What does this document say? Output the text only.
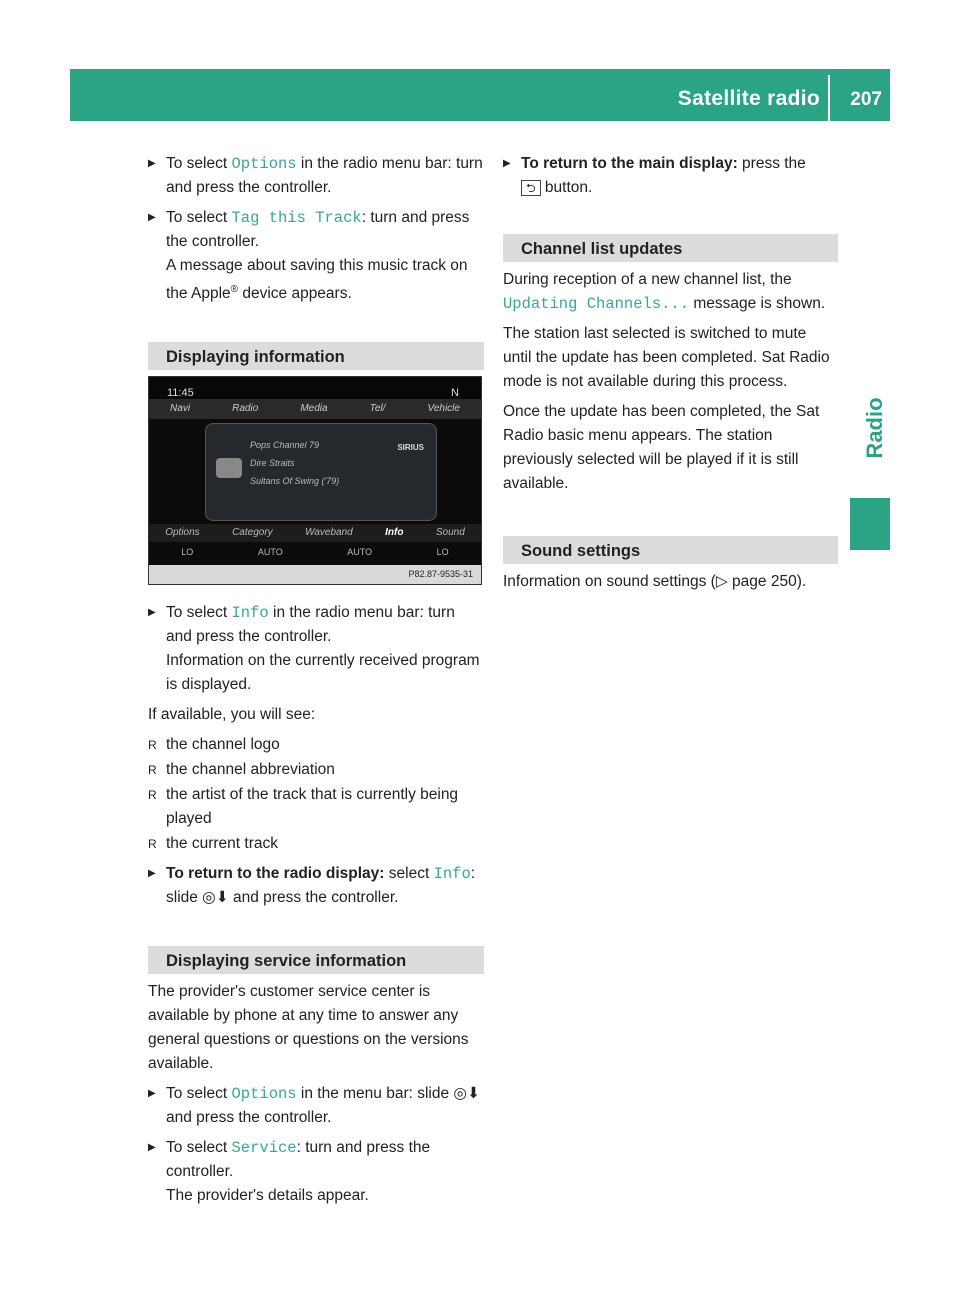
Satellite radio 207
Radio
▶ To select Options in the radio menu bar: turn and press the controller.
▶ To select Tag this Track: turn and press the controller.
A message about saving this music track on the Apple® device appears.
Displaying information
11:45	N
Navi	Radio	Media	Tel/	Vehicle
Pops Channel 79
Dire Straits
Sultans Of Swing ('79)
SIRIUS
Options	Category	Waveband	Info	Sound
LO	AUTO	AUTO	LO
P82.87-9535-31
▶ To select Info in the radio menu bar: turn and press the controller.
Information on the currently received program is displayed.

If available, you will see:

R the channel logo
R the channel abbreviation
R the artist of the track that is currently being played
R the current track
▶ To return to the radio display: select Info: slide ◎⬇ and press the controller.
Displaying service information

The provider's customer service center is available by phone at any time to answer any general questions or questions on the versions available.

▶ To select Options in the menu bar: slide ◎⬇ and press the controller.
▶ To select Service: turn and press the controller.
The provider's details appear.
▶ To return to the main display: press the
⮌ button.
Channel list updates

During reception of a new channel list, the Updating Channels... message is shown.

The station last selected is switched to mute until the update has been completed. Sat Radio mode is not available during this process.

Once the update has been completed, the Sat Radio basic menu appears. The station previously selected will be played if it is still available.

Sound settings

Information on sound settings (▷ page 250).
